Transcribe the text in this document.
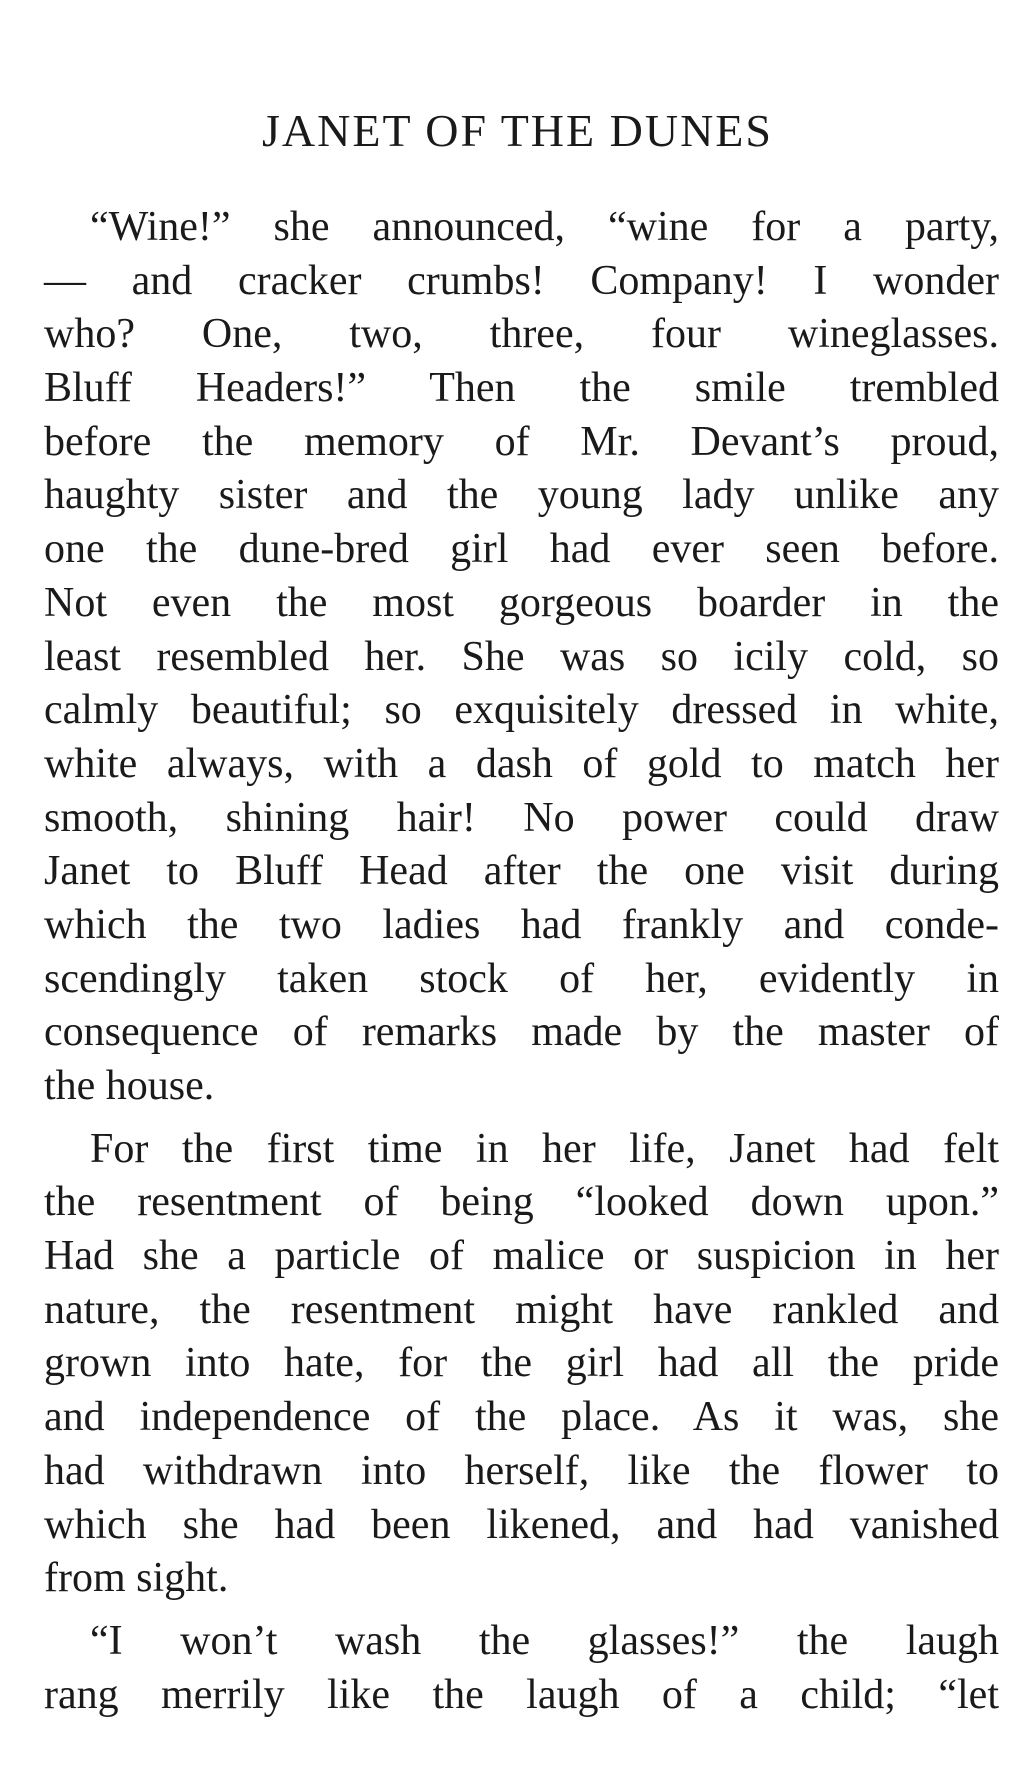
JANET OF THE DUNES
“Wine!” she announced, “wine for a party,
— and cracker crumbs! Company! I wonder
who? One, two, three, four wineglasses.
Bluff Headers!” Then the smile trembled
before the memory of Mr. Devant’s proud,
haughty sister and the young lady unlike any
one the dune-bred girl had ever seen before.
Not even the most gorgeous boarder in the
least resembled her. She was so icily cold, so
calmly beautiful; so exquisitely dressed in white,
white always, with a dash of gold to match her
smooth, shining hair! No power could draw
Janet to Bluff Head after the one visit during
which the two ladies had frankly and conde-
scendingly taken stock of her, evidently in
consequence of remarks made by the master of
the house.
For the first time in her life, Janet had felt
the resentment of being “looked down upon.”
Had she a particle of malice or suspicion in her
nature, the resentment might have rankled and
grown into hate, for the girl had all the pride
and independence of the place. As it was, she
had withdrawn into herself, like the flower to
which she had been likened, and had vanished
from sight.
“I won’t wash the glasses!” the laugh
rang merrily like the laugh of a child; “let
